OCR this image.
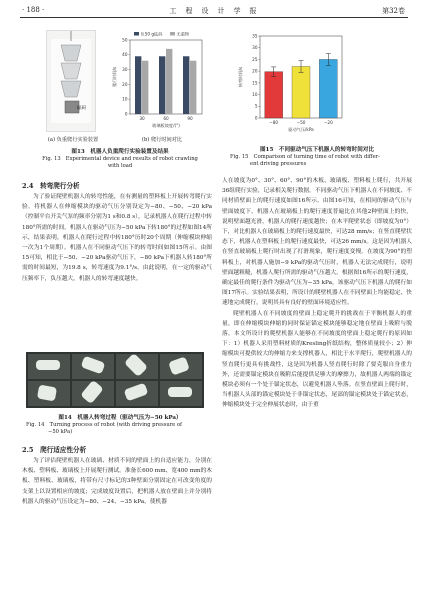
· 188 ·	工　程　设　计　学　报	第32卷
砝码
(a) 负重爬行实验装置
0
10
20
30
40
50
30	60	90
玻璃板坡度/(°)
爬行时间/s
负50 g砝码	无重物
(b) 爬行时间对比
图13　机器人负重爬行实验装置及结果
Fig. 13　Experimental device and results of robot crawling
with load
0
5
10
15
20
25
30
35
−80	−50	−20
驱动气压/kPa
转弯时间/s
图15　不同驱动气压下机器人的转弯时间对比
Fig. 15　Comparison of turning time of robot with differ-
ent driving pressures
2.4　转弯爬行分析

为了验证爬壁机器人的转弯性能，在有测量的塑料板上开展转弯爬行实验。将机器人在伸缩模块的驱动气压分别设定为−80、−50、−20 kPa（控制平台开关气泵的频率分别为1 s和0.8 s），记录机器人在爬行过程中转180°所需的时间。机器人在驱动气压为−50 kPa下转180°的过程如图14所示，结果表明，机器人在爬行过程中转180°历时20个周期（伸缩模块伸缩一次为1个周期）。机器人在不同驱动气压下的转弯时间如图15所示。由图15可知，相比于−50、−20 kPa驱动气压下，−80 kPa下机器人转180°所需的时间最短，为19.8 s，转弯速度为9.1°/s。由此说明，在一定的驱动气压频率下，负压越大，机器人的转弯速度越快。

图14　机器人转弯过程（驱动气压为−50 kPa）
Fig. 14　Turning process of robot (with driving pressure of
−50 kPa)
2.5　爬行适应性分析

为了评估爬壁机器人在玻璃、材质不同的壁面上的自适应能力，分别在木板、塑料板、玻璃板上开展爬行测试。准备长600 mm、宽400 mm的木板、塑料板、玻璃板，将带有尺寸标记的3种壁面分别固定在可改变角度的支架上以设置相应的坡度；完成坡度设置后，把机器人放在壁面上并分别将机器人的驱动气压设定为−80、−24、−35 kPa，使机器

人在坡度为0°、30°、60°、90°的木板、玻璃板、塑料板上爬行，共开展36组爬行实验，记录相关爬行数据。不同驱动气压下机器人在不同坡度、不同材质壁面上的爬行速度如图16所示。由图16可知，在相同的驱动气压与壁面坡度下，机器人在玻璃板上的爬行速度普遍比在其他2种壁面上的快，说明壁面越光滑，机器人的爬行速度越快；在木平爬壁状态（即坡度为0°）下，对比机器人在玻璃板上的爬行速度最快，可达28 mm/s；在竖直爬壁状态下，机器人在塑料板上的爬行速度最快，可达26 mm/s。这是因为机器人在竖直玻璃板上爬行时出现了打滑现象，爬行速度变慢。在坡度为90°的塑料板上，对机器人施加−9 kPa的驱动气压时，机器人无法完成爬行，说明壁面越粗糙，机器人爬行所需的驱动气压越大。根据图16所示的爬行速度，确定最佳的爬行条件为驱动气压为−35 kPa，该驱动气压下机器人的爬行如图17所示。实验结果表明，所设计的爬壁机器人在不同壁面上均能稳定、快速地完成爬行，说明其具有良好的壁面环境适应性。

爬壁机器人在不同坡度的壁面上稳定爬升的挑战在于平衡机器人的重量，即在伸缩模块伸缩的同时保证锚定模块能够稳定地在壁面上吸附与脱落。本文所设计的爬壁机器人能够在不同坡度的壁面上稳定爬行的原因如下：1）机器人采用塑料材质的Kresling折纸结构，整体质量较小；2）伸缩模块可提供较大的伸缩力来支撑机器人，相比于水平爬行，爬壁机器人的竖直爬行更具有挑战性，这是因为机器人竖直爬行时除了要克服自身重力外，还需要锚定模块在吸附后能提供足够大的摩擦力，故机器人两端的锚定模块必须有一个处于锚定状态，以避免机器人坠落。在竖直壁面上爬行时，当机器人头部的锚定模块处于非锚定状态，尾部的锚定模块处于锚定状态，伸缩模块处于完全伸展状态时，由于重
